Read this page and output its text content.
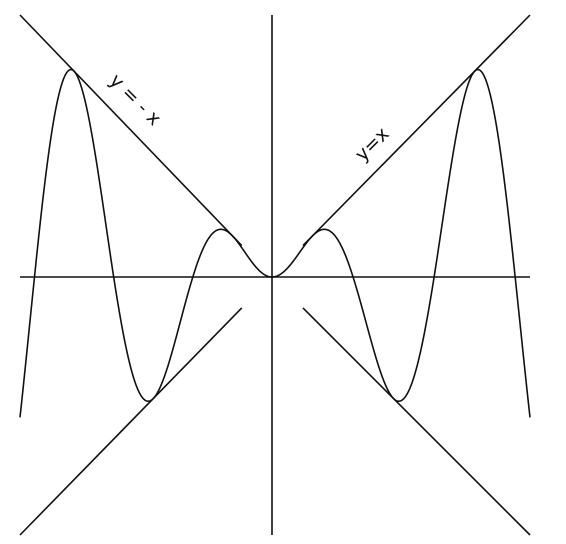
y = - x
y=x
